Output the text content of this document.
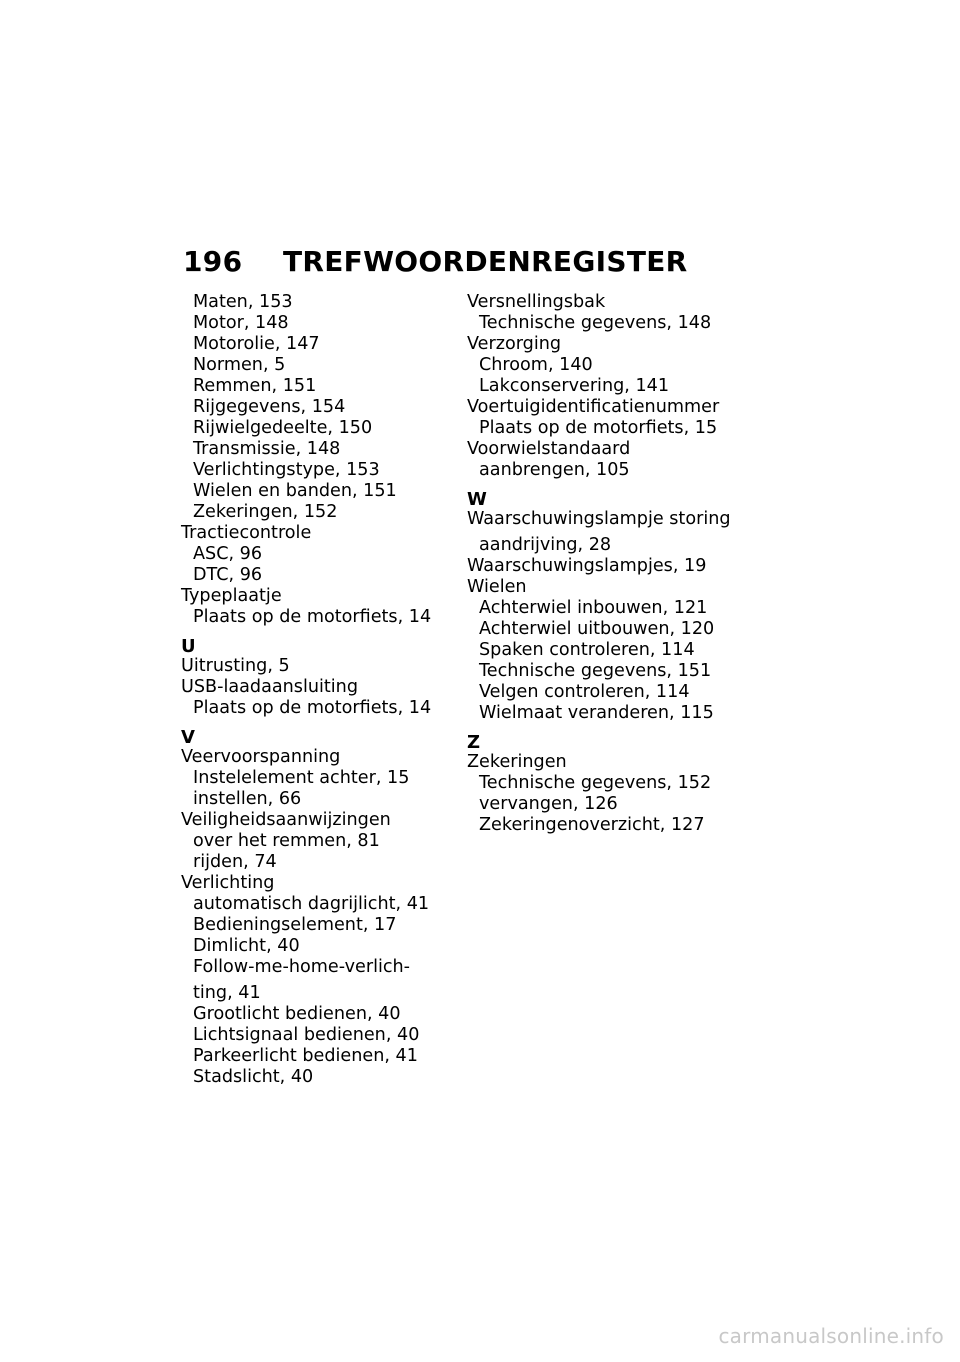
196	TREFWOORDENREGISTER
Maten, 153
Motor, 148
Motorolie, 147
Normen, 5
Remmen, 151
Rijgegevens, 154
Rijwielgedeelte, 150
Transmissie, 148
Verlichtingstype, 153
Wielen en banden, 151
Zekeringen, 152
Tractiecontrole
ASC, 96
DTC, 96
Typeplaatje
Plaats op de motorfiets, 14
U
Uitrusting, 5
USB-laadaansluiting
Plaats op de motorfiets, 14
V
Veervoorspanning
Instelelement achter, 15
instellen, 66
Veiligheidsaanwijzingen
over het remmen, 81
rijden, 74
Verlichting
automatisch dagrijlicht, 41
Bedieningselement, 17
Dimlicht, 40
Follow-me-home-verlich-
ting, 41
Grootlicht bedienen, 40
Lichtsignaal bedienen, 40
Parkeerlicht bedienen, 41
Stadslicht, 40
Versnellingsbak
Technische gegevens, 148
Verzorging
Chroom, 140
Lakconservering, 141
Voertuigidentificatienummer
Plaats op de motorfiets, 15
Voorwielstandaard
aanbrengen, 105
W
Waarschuwingslampje storing
aandrijving, 28
Waarschuwingslampjes, 19
Wielen
Achterwiel inbouwen, 121
Achterwiel uitbouwen, 120
Spaken controleren, 114
Technische gegevens, 151
Velgen controleren, 114
Wielmaat veranderen, 115
Z
Zekeringen
Technische gegevens, 152
vervangen, 126
Zekeringenoverzicht, 127
carmanualsonline.info
